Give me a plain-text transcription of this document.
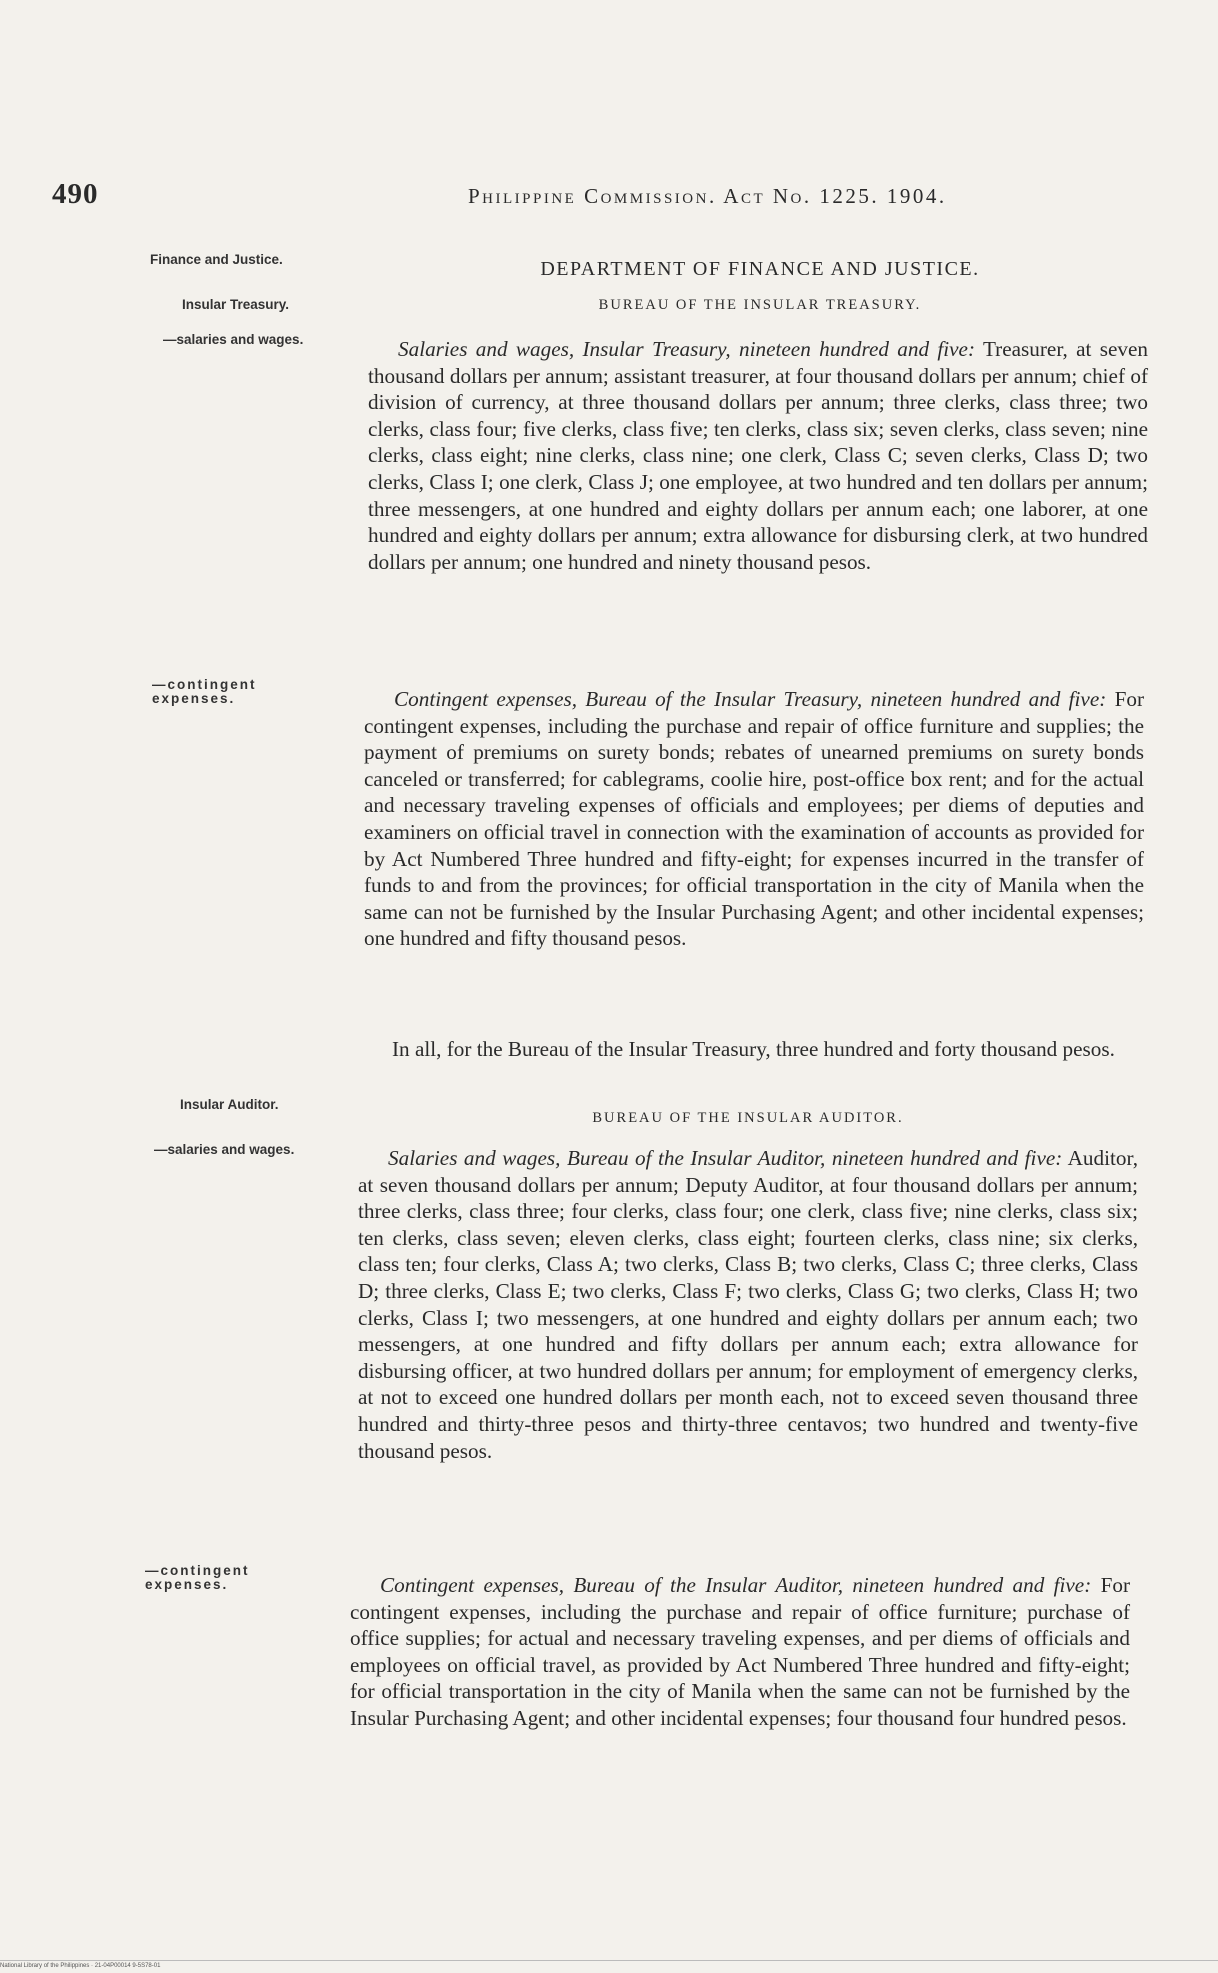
490	Philippine Commission. Act No. 1225. 1904.
Finance and Justice.
Insular Treasury.
—salaries and wages.
—contingent expenses.
Insular Auditor.
—salaries and wages.
—contingent expenses.
DEPARTMENT OF FINANCE AND JUSTICE.
BUREAU OF THE INSULAR TREASURY.

Salaries and wages, Insular Treasury, nineteen hundred and five: Treasurer, at seven thousand dollars per annum; assistant treasurer, at four thousand dollars per annum; chief of division of currency, at three thousand dollars per annum; three clerks, class three; two clerks, class four; five clerks, class five; ten clerks, class six; seven clerks, class seven; nine clerks, class eight; nine clerks, class nine; one clerk, Class C; seven clerks, Class D; two clerks, Class I; one clerk, Class J; one employee, at two hundred and ten dollars per annum; three messengers, at one hundred and eighty dollars per annum each; one laborer, at one hundred and eighty dollars per annum; extra allowance for disbursing clerk, at two hundred dollars per annum; one hundred and ninety thousand pesos.

Contingent expenses, Bureau of the Insular Treasury, nineteen hundred and five: For contingent expenses, including the purchase and repair of office furniture and supplies; the payment of premiums on surety bonds; rebates of unearned premiums on surety bonds canceled or transferred; for cablegrams, coolie hire, post-office box rent; and for the actual and necessary traveling expenses of officials and employees; per diems of deputies and examiners on official travel in connection with the examination of accounts as provided for by Act Numbered Three hundred and fifty-eight; for expenses incurred in the transfer of funds to and from the provinces; for official transportation in the city of Manila when the same can not be furnished by the Insular Purchasing Agent; and other incidental expenses; one hundred and fifty thousand pesos.

In all, for the Bureau of the Insular Treasury, three hundred and forty thousand pesos.

BUREAU OF THE INSULAR AUDITOR.

Salaries and wages, Bureau of the Insular Auditor, nineteen hundred and five: Auditor, at seven thousand dollars per annum; Deputy Auditor, at four thousand dollars per annum; three clerks, class three; four clerks, class four; one clerk, class five; nine clerks, class six; ten clerks, class seven; eleven clerks, class eight; fourteen clerks, class nine; six clerks, class ten; four clerks, Class A; two clerks, Class B; two clerks, Class C; three clerks, Class D; three clerks, Class E; two clerks, Class F; two clerks, Class G; two clerks, Class H; two clerks, Class I; two messengers, at one hundred and eighty dollars per annum each; two messengers, at one hundred and fifty dollars per annum each; extra allowance for disbursing officer, at two hundred dollars per annum; for employment of emergency clerks, at not to exceed one hundred dollars per month each, not to exceed seven thousand three hundred and thirty-three pesos and thirty-three centavos; two hundred and twenty-five thousand pesos.

Contingent expenses, Bureau of the Insular Auditor, nineteen hundred and five: For contingent expenses, including the purchase and repair of office furniture; purchase of office supplies; for actual and necessary traveling expenses, and per diems of officials and employees on official travel, as provided by Act Numbered Three hundred and fifty-eight; for official transportation in the city of Manila when the same can not be furnished by the Insular Purchasing Agent; and other incidental expenses; four thousand four hundred pesos.

National Library of the Philippines · 21-04P00014 9-5S78-01
